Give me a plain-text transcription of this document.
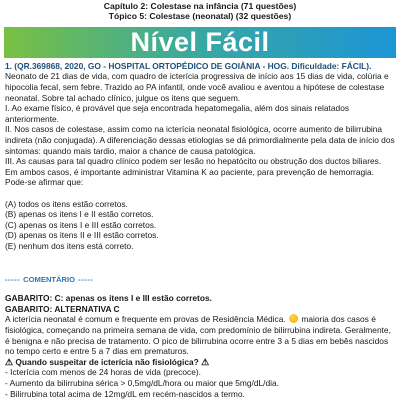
Capítulo 2: Colestase na infância (71 questões)
Tópico 5: Colestase (neonatal) (32 questões)
Nível Fácil

1. (QR.369868, 2020, GO - HOSPITAL ORTOPÉDICO DE GOIÂNIA - HOG. Dificuldade: FÁCIL). Neonato de 21 dias de vida, com quadro de icterícia progressiva de início aos 15 dias de vida, colúria e hipocolia fecal, sem febre. Trazido ao PA infantil, onde você avaliou e aventou a hipótese de colestase neonatal. Sobre tal achado clínico, julgue os itens que seguem.

I. Ao exame físico, é provável que seja encontrada hepatomegalia, além dos sinais relatados anteriormente.

II. Nos casos de colestase, assim como na icterícia neonatal fisiológica, ocorre aumento de bilirrubina indireta (não conjugada). A diferenciação dessas etiologias se dá primordialmente pela data de início dos sintomas: quando mais tardio, maior a chance de causa patológica.

III. As causas para tal quadro clínico podem ser lesão no hepatócito ou obstrução dos ductos biliares. Em ambos casos, é importante administrar Vitamina K ao paciente, para prevenção de hemorragia.

Pode-se afirmar que:

(A) todos os itens estão corretos.

(B) apenas os itens I e II estão corretos.

(C) apenas os itens I e III estão corretos.

(D) apenas os itens II e III estão corretos.

(E) nenhum dos itens está correto.

----- COMENTÁRIO -----

GABARITO: C: apenas os itens I e III estão corretos.

GABARITO: ALTERNATIVA C

A icterícia neonatal é comum e frequente em provas de Residência Médica.  maioria dos casos é fisiológica, começando na primeira semana de vida, com predomínio de bilirrubina indireta. Geralmente, é benigna e não precisa de tratamento. O pico de bilirrubina ocorre entre 3 a 5 dias em bebês nascidos no tempo certo e entre 5 a 7 dias em prematuros.

⚠ Quando suspeitar de icterícia não fisiológica? ⚠

- Icterícia com menos de 24 horas de vida (precoce).

- Aumento da bilirrubina sérica > 0,5mg/dL/hora ou maior que 5mg/dL/dia.

- Bilirrubina total acima de 12mg/dL em recém-nascidos a termo.
